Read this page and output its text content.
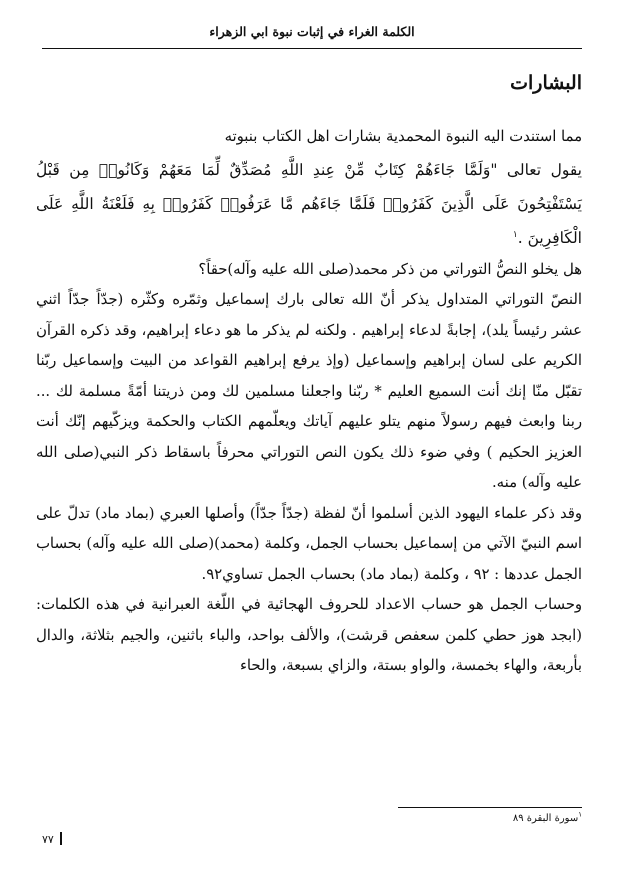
الكلمة الغراء في إثبات نبوة ابي الزهراء
البشارات

مما استندت اليه النبوة المحمدية بشارات اهل الكتاب بنبوته

يقول تعالى "وَلَمَّا جَاءَهُمْ كِتَابٌ مِّنْ عِندِ اللَّهِ مُصَدِّقٌ لِّمَا مَعَهُمْ وَكَانُوا۟ مِن قَبْلُ يَسْتَفْتِحُونَ عَلَى الَّذِينَ كَفَرُوا۟ فَلَمَّا جَاءَهُم مَّا عَرَفُوا۟ كَفَرُوا۟ بِهِ فَلَعْنَةُ اللَّهِ عَلَى الْكَافِرِينَ .$^١$

هل يخلو النصُّ التوراتي من ذكر محمد(صلى الله عليه وآله)حقاً؟

النصّ التوراتي المتداول يذكر أنّ الله تعالى بارك إسماعيل وثمّره وكثّره (جدّاً جدّاً اثني عشر رئيساً يلد)، إجابةً لدعاء إبراهيم . ولكنه لم يذكر ما هو دعاء إبراهيم، وقد ذكره القرآن الكريم على لسان إبراهيم وإسماعيل (وإذ يرفع إبراهيم القواعد من البيت وإسماعيل ربّنا تقبّل منّا إنك أنت السميع العليم * ربّنا واجعلنا مسلمين لك ومن ذريتنا أمّةً مسلمة لك ... ربنا وابعث فيهم رسولاً منهم يتلو عليهم آياتك ويعلّمهم الكتاب والحكمة ويزكّيهم إنّك أنت العزيز الحكيم ) وفي ضوء ذلك يكون النص التوراتي محرفاً باسقاط ذكر النبي(صلى الله عليه وآله) منه.

وقد ذكر علماء اليهود الذين أسلموا أنّ لفظة (جدّاً جدّاً) وأصلها العبري (بماد ماد) تدلّ على اسم النبيّ الآتي من إسماعيل بحساب الجمل، وكلمة (محمد)(صلى الله عليه وآله) بحساب الجمل عددها : ٩٢ ، وكلمة (بماد ماد) بحساب الجمل تساوي٩٢.

وحساب الجمل هو حساب الاعداد للحروف الهجائية في اللّغة العبرانية في هذه الكلمات: (ابجد هوز حطي كلمن سعفص قرشت)، والألف بواحد، والباء باثنين، والجيم بثلاثة، والدال بأربعة، والهاء بخمسة، والواو بستة، والزاي بسبعة، والحاء

$^١$سورة البقرة ٨٩
٧٧
